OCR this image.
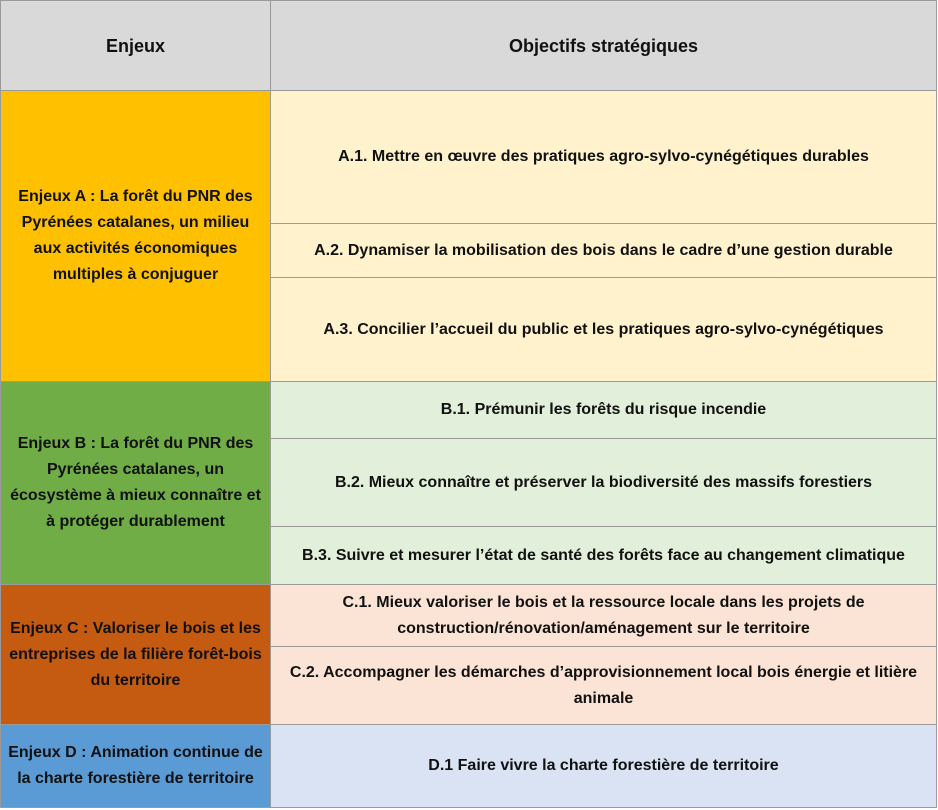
Enjeux	Objectifs stratégiques
Enjeux A : La forêt du PNR des Pyrénées catalanes, un milieu aux activités économiques multiples à conjuguer	A.1. Mettre en œuvre des pratiques agro-sylvo-cynégétiques durables
	A.2. Dynamiser la mobilisation des bois dans le cadre d’une gestion durable
	A.3. Concilier l’accueil du public et les pratiques agro-sylvo-cynégétiques
Enjeux B : La forêt du PNR des Pyrénées catalanes, un écosystème à mieux connaître et à protéger durablement	B.1. Prémunir les forêts du risque incendie
	B.2. Mieux connaître et préserver la biodiversité des massifs forestiers
	B.3. Suivre et mesurer l’état de santé des forêts face au changement climatique
Enjeux C : Valoriser le bois et les entreprises de la filière forêt-bois du territoire	C.1. Mieux valoriser le bois et la ressource locale dans les projets de construction/rénovation/aménagement sur le territoire
	C.2. Accompagner les démarches d’approvisionnement local bois énergie et litière animale
Enjeux D : Animation continue de la charte forestière de territoire	D.1 Faire vivre la charte forestière de territoire
